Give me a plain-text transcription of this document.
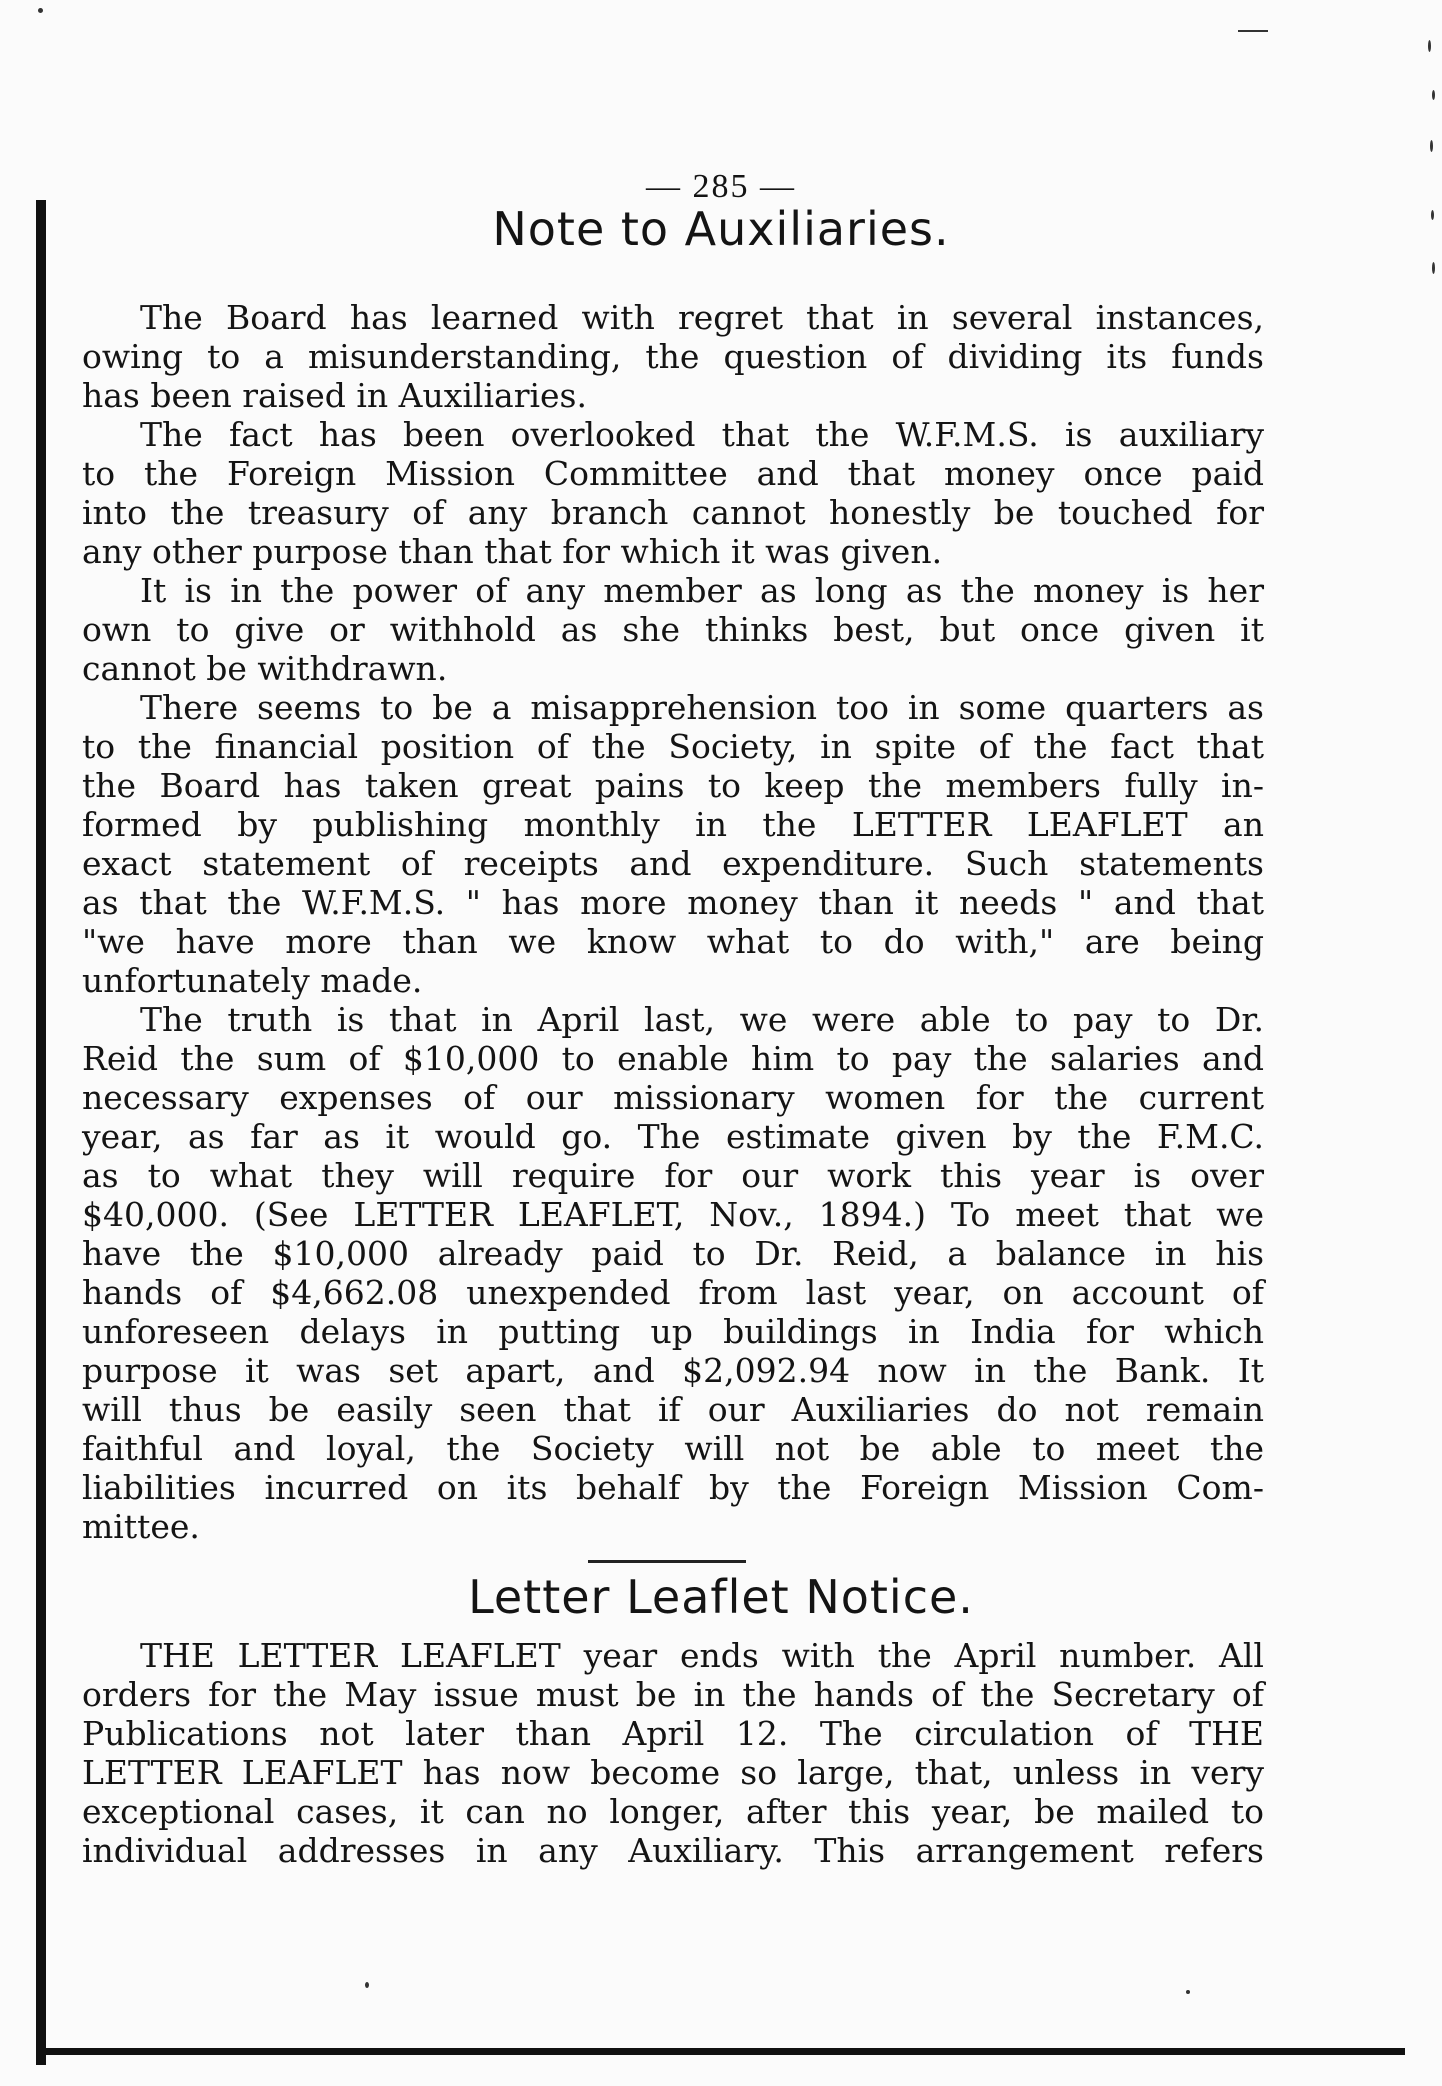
— 285 —
Note to Auxiliaries.
The Board has learned with regret that in several instances,
owing to a misunderstanding, the question of dividing its funds
has been raised in Auxiliaries.
The fact has been overlooked that the W.F.M.S. is auxiliary
to the Foreign Mission Committee and that money once paid
into the treasury of any branch cannot honestly be touched for
any other purpose than that for which it was given.
It is in the power of any member as long as the money is her
own to give or withhold as she thinks best, but once given it
cannot be withdrawn.
There seems to be a misapprehension too in some quarters as
to the financial position of the Society, in spite of the fact that
the Board has taken great pains to keep the members fully in-
formed by publishing monthly in the LETTER LEAFLET an
exact statement of receipts and expenditure. Such statements
as that the W.F.M.S. " has more money than it needs " and that
"we have more than we know what to do with," are being
unfortunately made.
The truth is that in April last, we were able to pay to Dr.
Reid the sum of $10,000 to enable him to pay the salaries and
necessary expenses of our missionary women for the current
year, as far as it would go. The estimate given by the F.M.C.
as to what they will require for our work this year is over
$40,000. (See LETTER LEAFLET, Nov., 1894.) To meet that we
have the $10,000 already paid to Dr. Reid, a balance in his
hands of $4,662.08 unexpended from last year, on account of
unforeseen delays in putting up buildings in India for which
purpose it was set apart, and $2,092.94 now in the Bank. It
will thus be easily seen that if our Auxiliaries do not remain
faithful and loyal, the Society will not be able to meet the
liabilities incurred on its behalf by the Foreign Mission Com-
mittee.
Letter Leaflet Notice.
THE LETTER LEAFLET year ends with the April number. All
orders for the May issue must be in the hands of the Secretary of
Publications not later than April 12. The circulation of THE
LETTER LEAFLET has now become so large, that, unless in very
exceptional cases, it can no longer, after this year, be mailed to
individual addresses in any Auxiliary. This arrangement refers
